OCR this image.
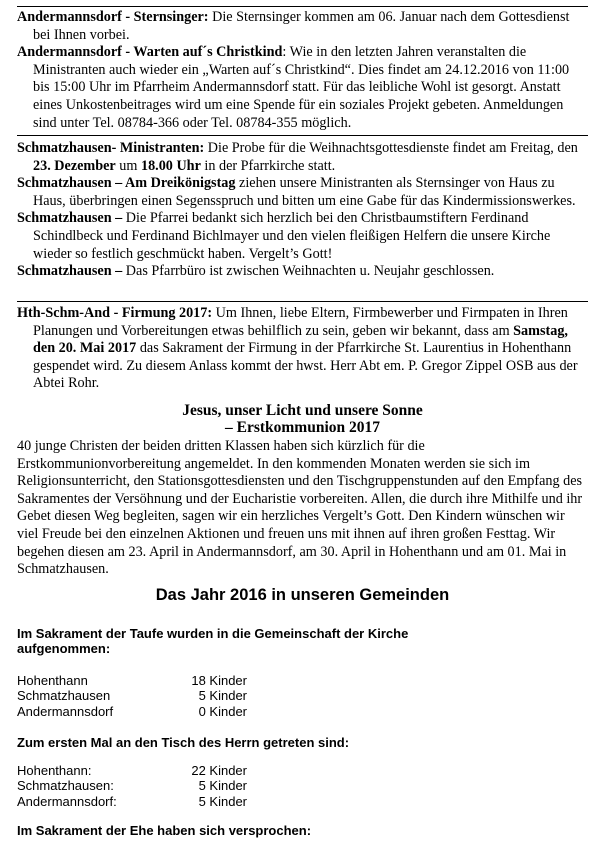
Andermannsdorf - Sternsinger: Die Sternsinger kommen am 06. Januar nach dem Gottesdienst bei Ihnen vorbei.

Andermannsdorf - Warten auf´s Christkind: Wie in den letzten Jahren veranstalten die Ministranten auch wieder ein „Warten auf´s Christkind“. Dies findet am 24.12.2016 von 11:00 bis 15:00 Uhr im Pfarrheim Andermannsdorf statt. Für das leibliche Wohl ist gesorgt. Anstatt eines Unkostenbeitrages wird um eine Spende für ein soziales Projekt gebeten. Anmeldungen sind unter Tel. 08784-366 oder Tel. 08784-355 möglich.

Schmatzhausen- Ministranten: Die Probe für die Weihnachtsgottesdienste findet am Freitag, den 23. Dezember um 18.00 Uhr in der Pfarrkirche statt.

Schmatzhausen – Am Dreikönigstag ziehen unsere Ministranten als Sternsinger von Haus zu Haus, überbringen einen Segensspruch und bitten um eine Gabe für das Kindermissionswerkes.

Schmatzhausen – Die Pfarrei bedankt sich herzlich bei den Christbaumstiftern Ferdinand Schindlbeck und Ferdinand Bichlmayer und den vielen fleißigen Helfern die unsere Kirche wieder so festlich geschmückt haben. Vergelt’s Gott!

Schmatzhausen – Das Pfarrbüro ist zwischen Weihnachten u. Neujahr geschlossen.

Hth-Schm-And - Firmung 2017: Um Ihnen, liebe Eltern, Firmbewerber und Firmpaten in Ihren Planungen und Vorbereitungen etwas behilflich zu sein, geben wir bekannt, dass am Samstag, den 20. Mai 2017 das Sakrament der Firmung in der Pfarrkirche St. Laurentius in Hohenthann gespendet wird. Zu diesem Anlass kommt der hwst. Herr Abt em. P. Gregor Zippel OSB aus der Abtei Rohr.

Jesus, unser Licht und unsere Sonne
– Erstkommunion 2017

40 junge Christen der beiden dritten Klassen haben sich kürzlich für die Erstkommunionvorbereitung angemeldet. In den kommenden Monaten werden sie sich im Religionsunterricht, den Stationsgottesdiensten und den Tischgruppenstunden auf den Empfang des Sakramentes der Versöhnung und der Eucharistie vorbereiten. Allen, die durch ihre Mithilfe und ihr Gebet diesen Weg begleiten, sagen wir ein herzliches Vergelt’s Gott. Den Kindern wünschen wir viel Freude bei den einzelnen Aktionen und freuen uns mit ihnen auf ihren großen Festtag. Wir begehen diesen am 23. April in Andermannsdorf, am 30. April in Hohenthann und am 01. Mai in Schmatzhausen.

Das Jahr 2016 in unseren Gemeinden
Im Sakrament der Taufe wurden in die Gemeinschaft der Kirche aufgenommen:
Hohenthann	18 Kinder
Schmatzhausen	5 Kinder
Andermannsdorf	0 Kinder
Zum ersten Mal an den Tisch des Herrn getreten sind:
Hohenthann:	22 Kinder
Schmatzhausen:	5 Kinder
Andermannsdorf:	5 Kinder
Im Sakrament der Ehe haben sich versprochen:
